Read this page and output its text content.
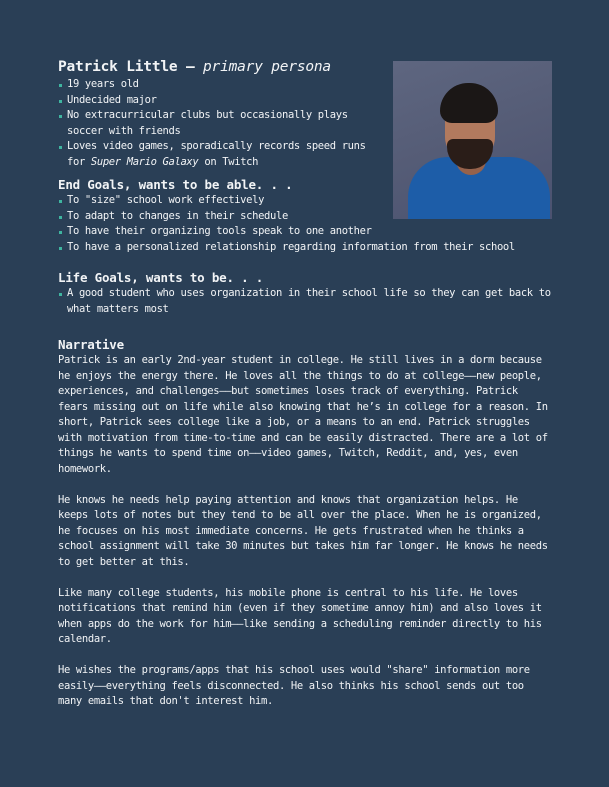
Patrick Little — primary persona
19 years old
Undecided major
No extracurricular clubs but occasionally plays soccer with friends
Loves video games, sporadically records speed runs for Super Mario Galaxy on Twitch
End Goals, wants to be able. . .
To "size" school work effectively
To adapt to changes in their schedule
To have their organizing tools speak to one another
To have a personalized relationship regarding information from their school
Life Goals, wants to be. . .
A good student who uses organization in their school life so they can get back to what matters most
Narrative

Patrick is an early 2nd-year student in college. He still lives in a dorm because he enjoys the energy there. He loves all the things to do at college——new people, experiences, and challenges——but sometimes loses track of everything. Patrick fears missing out on life while also knowing that he’s in college for a reason. In short, Patrick sees college like a job, or a means to an end. Patrick struggles with motivation from time-to-time and can be easily distracted. There are a lot of things he wants to spend time on——video games, Twitch, Reddit, and, yes, even homework.

He knows he needs help paying attention and knows that organization helps. He keeps lots of notes but they tend to be all over the place. When he is organized, he focuses on his most immediate concerns. He gets frustrated when he thinks a school assignment will take 30 minutes but takes him far longer. He knows he needs to get better at this.

Like many college students, his mobile phone is central to his life. He loves notifications that remind him (even if they sometime annoy him) and also loves it when apps do the work for him——like sending a scheduling reminder directly to his calendar.

He wishes the programs/apps that his school uses would "share" information more easily——everything feels disconnected. He also thinks his school sends out too many emails that don't interest him.
